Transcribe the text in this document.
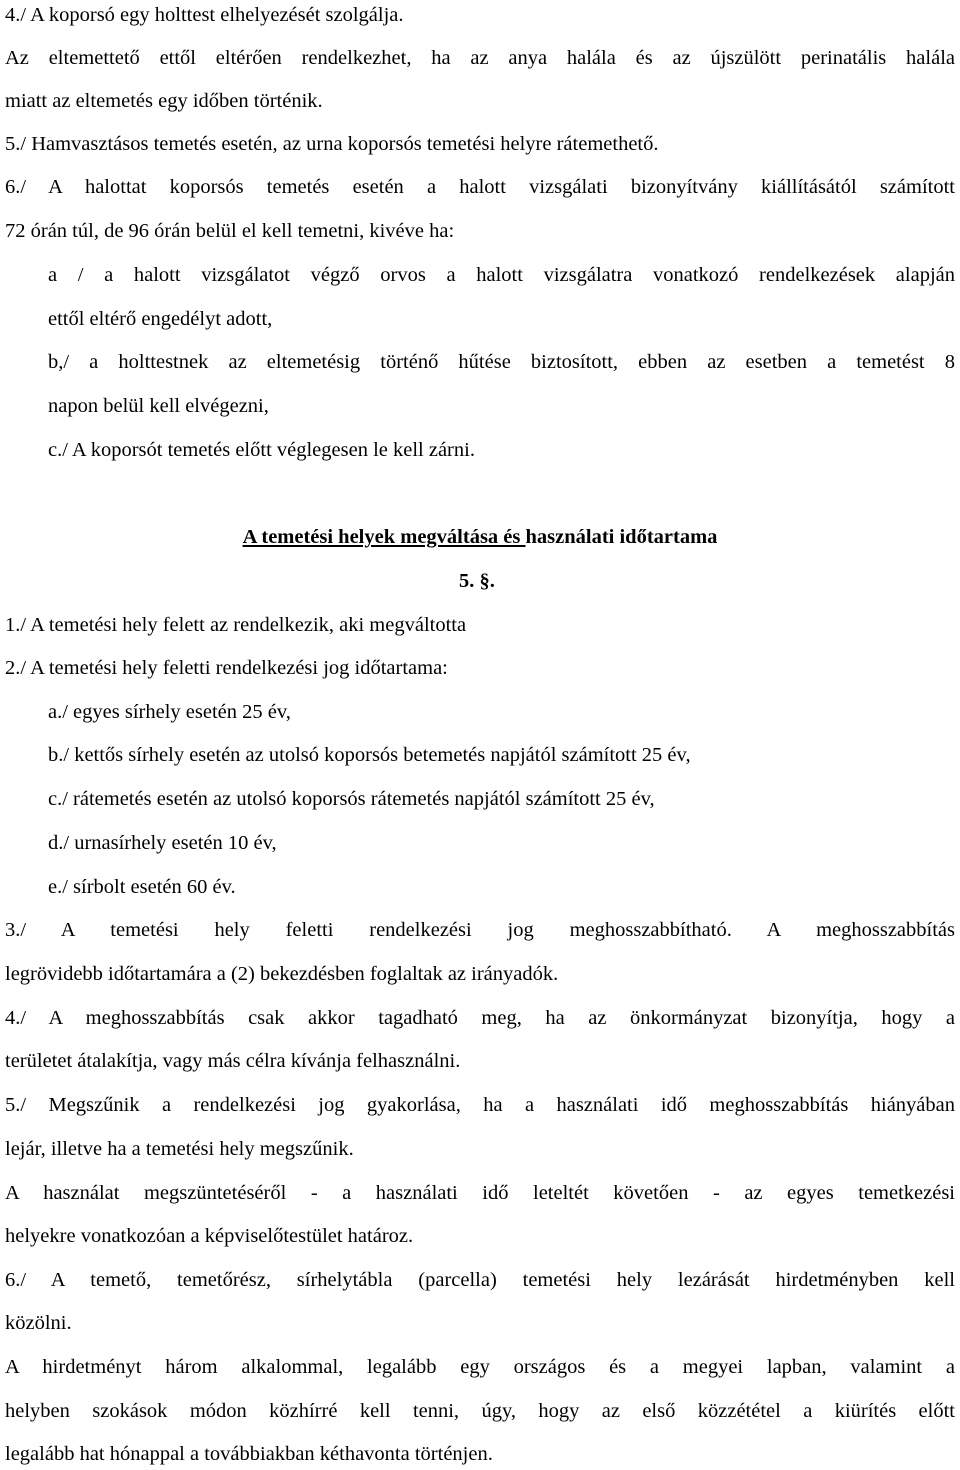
4./ A koporsó egy holttest elhelyezését szolgálja.
Az eltemettető ettől eltérően rendelkezhet, ha az anya halála és az újszülött perinatális halála
miatt az eltemetés egy időben történik.
5./ Hamvasztásos temetés esetén, az urna koporsós temetési helyre rátemethető.
6./ A halottat koporsós temetés esetén a halott vizsgálati bizonyítvány kiállításától számított
72 órán túl, de 96 órán belül el kell temetni, kivéve ha:
a / a halott vizsgálatot végző orvos a halott vizsgálatra vonatkozó rendelkezések alapján
ettől eltérő engedélyt adott,
b,/ a holttestnek az eltemetésig történő hűtése biztosított, ebben az esetben a temetést 8
napon belül kell elvégezni,
c./ A koporsót temetés előtt véglegesen le kell zárni.
A temetési helyek megváltása és használati időtartama
5. §.
1./ A temetési hely felett az rendelkezik, aki megváltotta
2./ A temetési hely feletti rendelkezési jog időtartama:
a./ egyes sírhely esetén 25 év,
b./ kettős sírhely esetén az utolsó koporsós betemetés napjától számított 25 év,
c./ rátemetés esetén az utolsó koporsós rátemetés napjától számított 25 év,
d./ urnasírhely esetén 10 év,
e./ sírbolt esetén 60 év.
3./ A temetési hely feletti rendelkezési jog meghosszabbítható. A meghosszabbítás
legrövidebb időtartamára a (2) bekezdésben foglaltak az irányadók.
4./ A meghosszabbítás csak akkor tagadható meg, ha az önkormányzat bizonyítja, hogy a
területet átalakítja, vagy más célra kívánja felhasználni.
5./ Megszűnik a rendelkezési jog gyakorlása, ha a használati idő meghosszabbítás hiányában
lejár, illetve ha a temetési hely megszűnik.
A használat megszüntetéséről - a használati idő leteltét követően - az egyes temetkezési
helyekre vonatkozóan a képviselőtestület határoz.
6./ A temető, temetőrész, sírhelytábla (parcella) temetési hely lezárását hirdetményben kell
közölni.
A hirdetményt három alkalommal, legalább egy országos és a megyei lapban, valamint a
helyben szokások módon közhírré kell tenni, úgy, hogy az első közzététel a kiürítés előtt
legalább hat hónappal a továbbiakban kéthavonta történjen.
